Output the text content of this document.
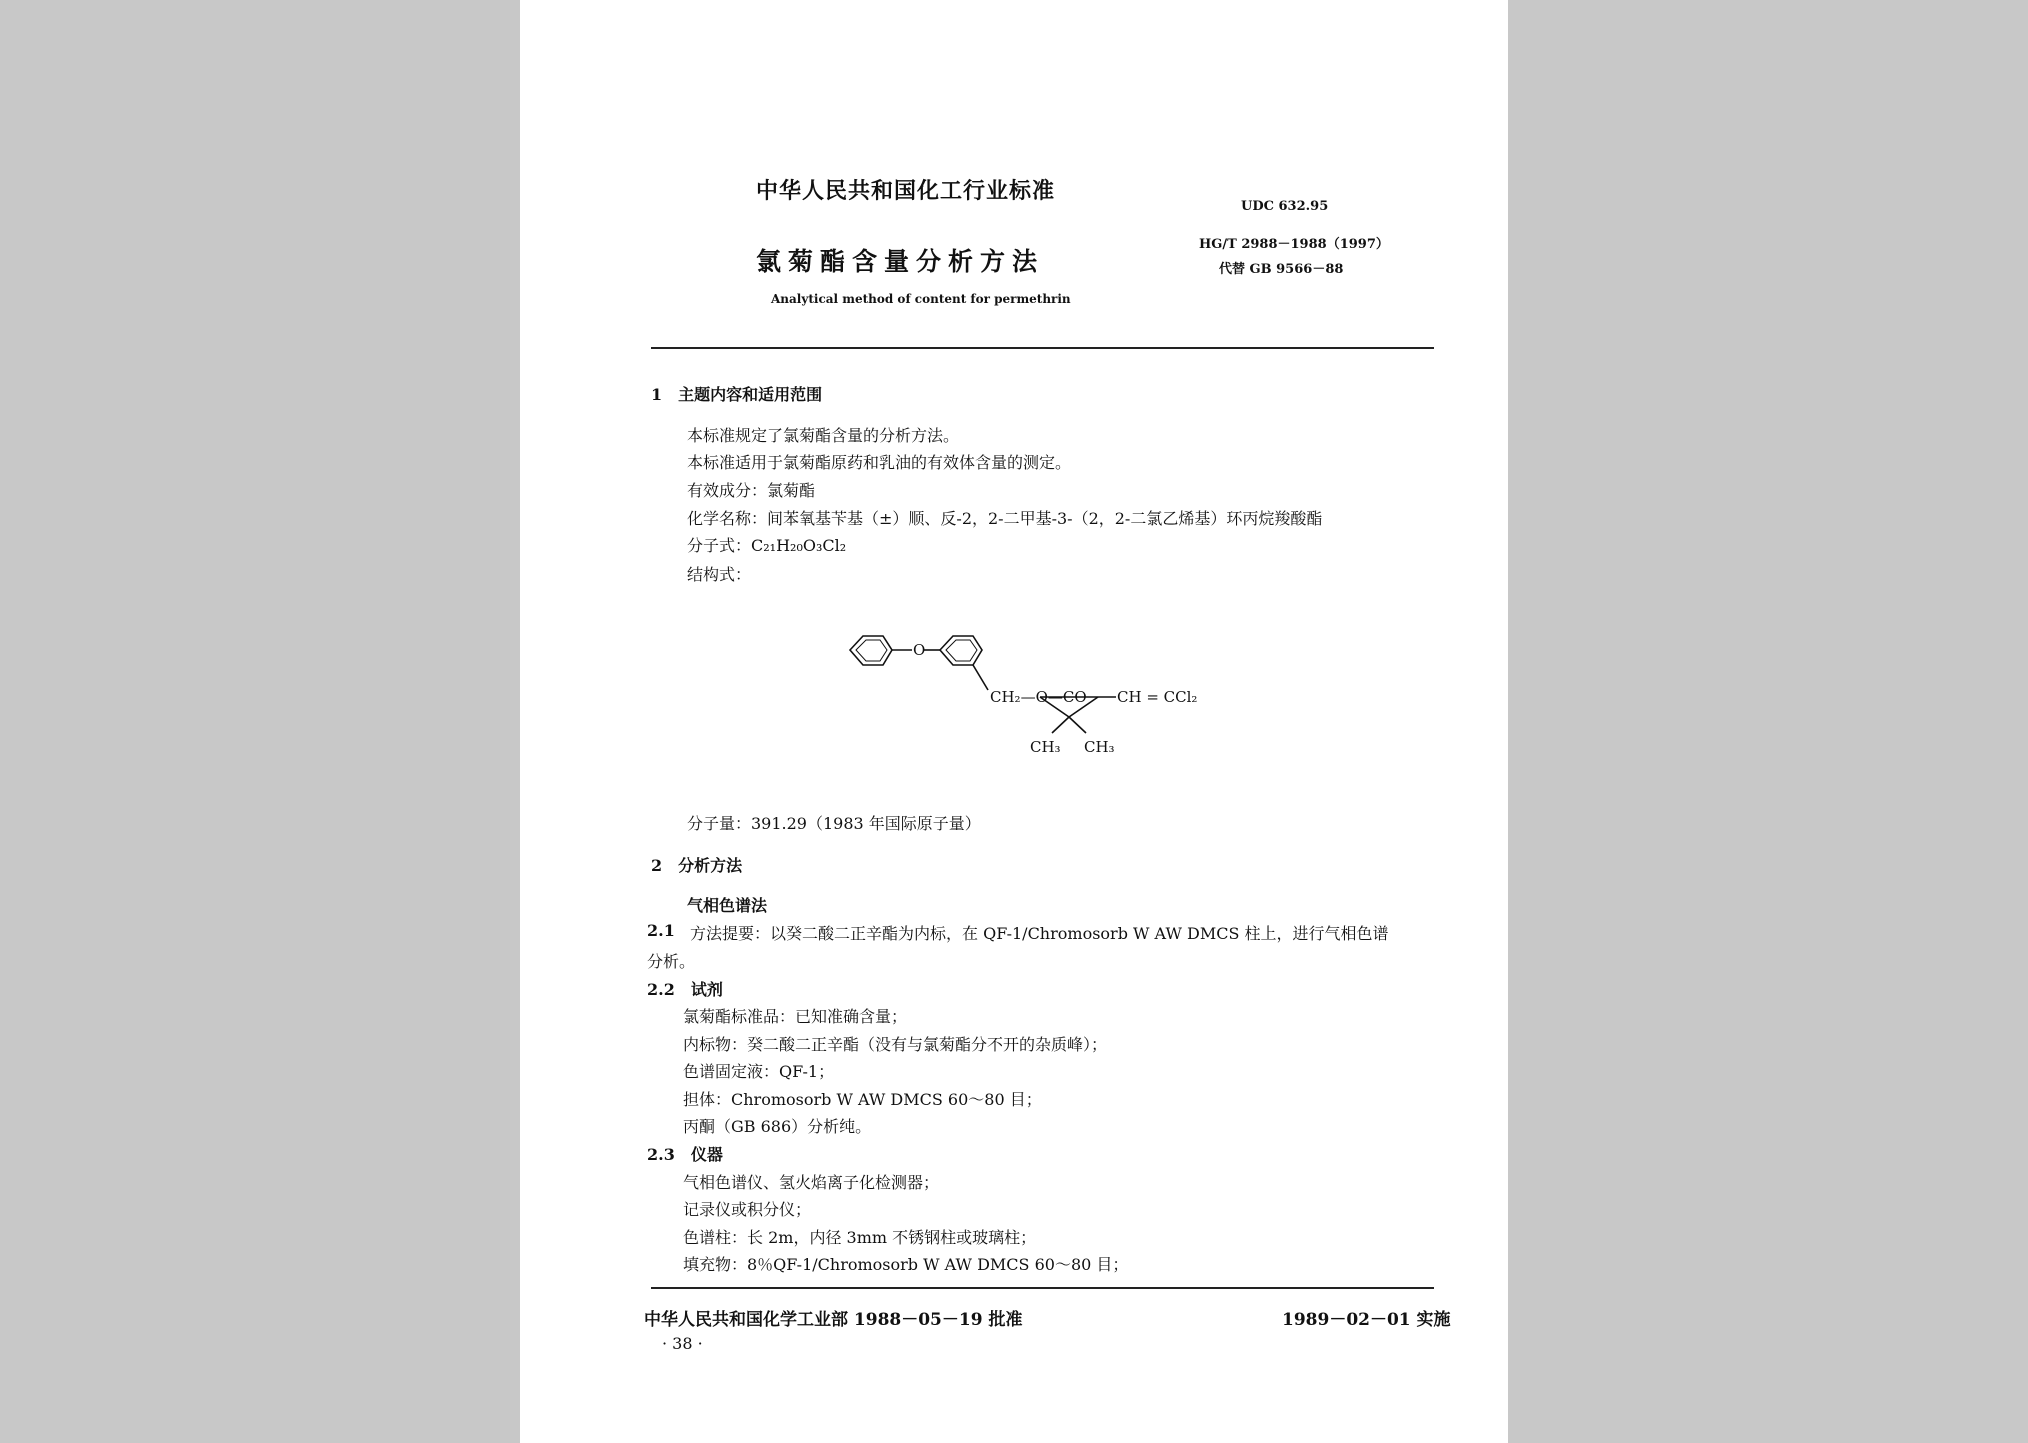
中华人民共和国化工行业标准
氯菊酯含量分析方法
Analytical method of content for permethrin
UDC 632.95
HG/T 2988－1988（1997）
代替 GB 9566－88
1　主题内容和适用范围
本标准规定了氯菊酯含量的分析方法。
本标准适用于氯菊酯原药和乳油的有效体含量的测定。
有效成分：氯菊酯
化学名称：间苯氧基苄基（±）顺、反-2，2-二甲基-3-（2，2-二氯乙烯基）环丙烷羧酸酯
分子式：C₂₁H₂₀O₃Cl₂
结构式：
O
CH₂—O—CO CH = CCl₂
CH₃ CH₃
分子量：391.29（1983 年国际原子量）
2　分析方法
气相色谱法
2.1 方法提要：以癸二酸二正辛酯为内标，在 QF-1/Chromosorb W AW DMCS 柱上，进行气相色谱
分析。
2.2　试剂
氯菊酯标准品：已知准确含量；
内标物：癸二酸二正辛酯（没有与氯菊酯分不开的杂质峰）；
色谱固定液：QF-1；
担体：Chromosorb W AW DMCS 60～80 目；
丙酮（GB 686）分析纯。
2.3　仪器
气相色谱仪、氢火焰离子化检测器；
记录仪或积分仪；
色谱柱：长 2m，内径 3mm 不锈钢柱或玻璃柱；
填充物：8％QF-1/Chromosorb W AW DMCS 60～80 目；
中华人民共和国化学工业部 1988－05－19 批准	1989－02－01 实施
· 38 ·
